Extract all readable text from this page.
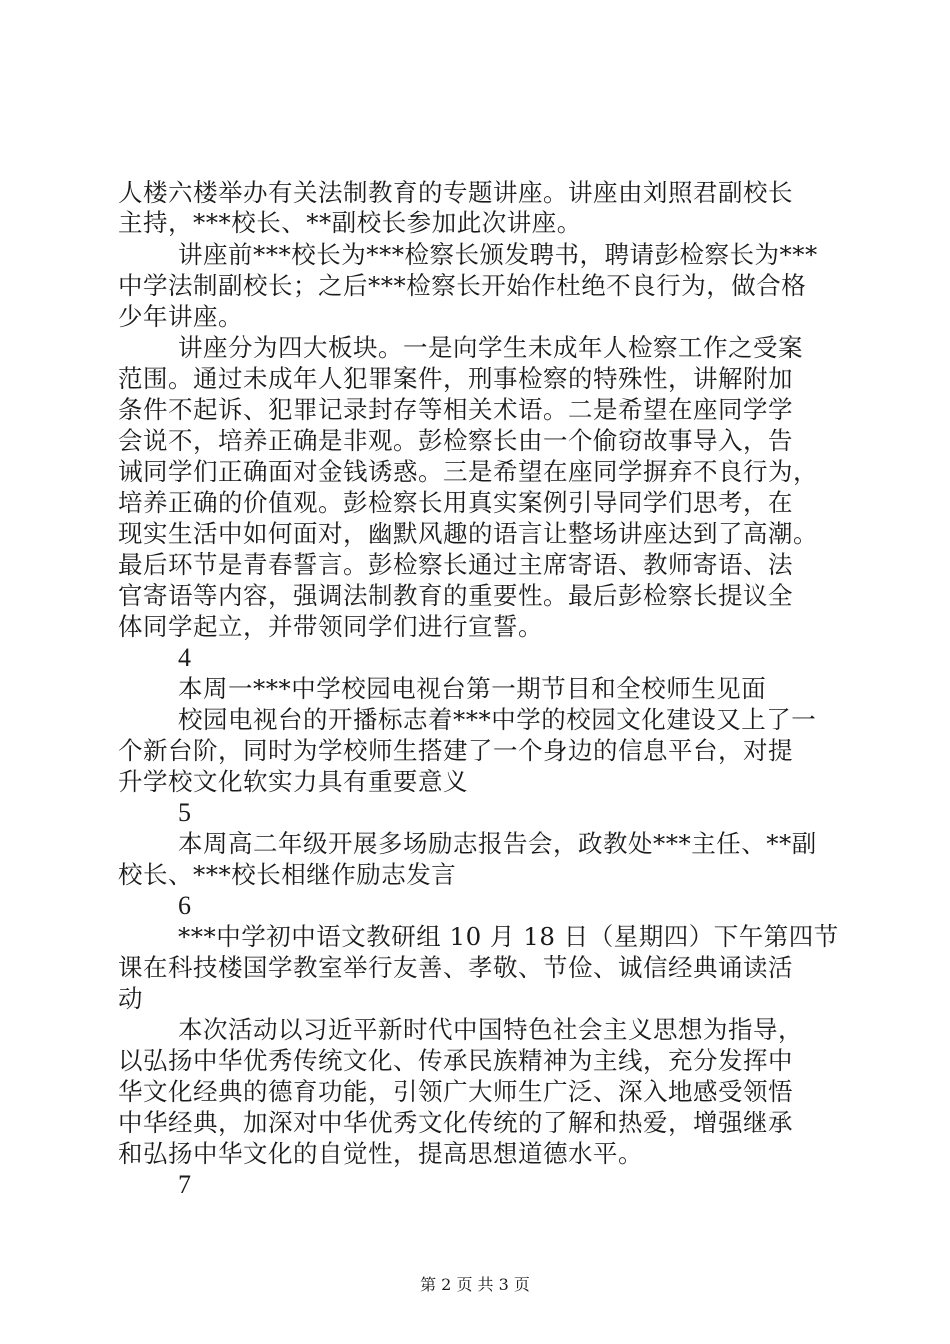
人楼六楼举办有关法制教育的专题讲座。讲座由刘照君副校长
主持，***校长、**副校长参加此次讲座。
讲座前***校长为***检察长颁发聘书，聘请彭检察长为***
中学法制副校长；之后***检察长开始作杜绝不良行为，做合格
少年讲座。
讲座分为四大板块。一是向学生未成年人检察工作之受案
范围。通过未成年人犯罪案件，刑事检察的特殊性，讲解附加
条件不起诉、犯罪记录封存等相关术语。二是希望在座同学学
会说不，培养正确是非观。彭检察长由一个偷窃故事导入，告
诫同学们正确面对金钱诱惑。三是希望在座同学摒弃不良行为，
培养正确的价值观。彭检察长用真实案例引导同学们思考，在
现实生活中如何面对，幽默风趣的语言让整场讲座达到了高潮。
最后环节是青春誓言。彭检察长通过主席寄语、教师寄语、法
官寄语等内容，强调法制教育的重要性。最后彭检察长提议全
体同学起立，并带领同学们进行宣誓。
4
本周一***中学校园电视台第一期节目和全校师生见面
校园电视台的开播标志着***中学的校园文化建设又上了一
个新台阶，同时为学校师生搭建了一个身边的信息平台，对提
升学校文化软实力具有重要意义
5
本周高二年级开展多场励志报告会，政教处***主任、**副
校长、***校长相继作励志发言
6
***中学初中语文教研组 10 月 18 日（星期四）下午第四节
课在科技楼国学教室举行友善、孝敬、节俭、诚信经典诵读活
动
本次活动以习近平新时代中国特色社会主义思想为指导，
以弘扬中华优秀传统文化、传承民族精神为主线，充分发挥中
华文化经典的德育功能，引领广大师生广泛、深入地感受领悟
中华经典，加深对中华优秀文化传统的了解和热爱，增强继承
和弘扬中华文化的自觉性，提高思想道德水平。
7
第 2 页 共 3 页
